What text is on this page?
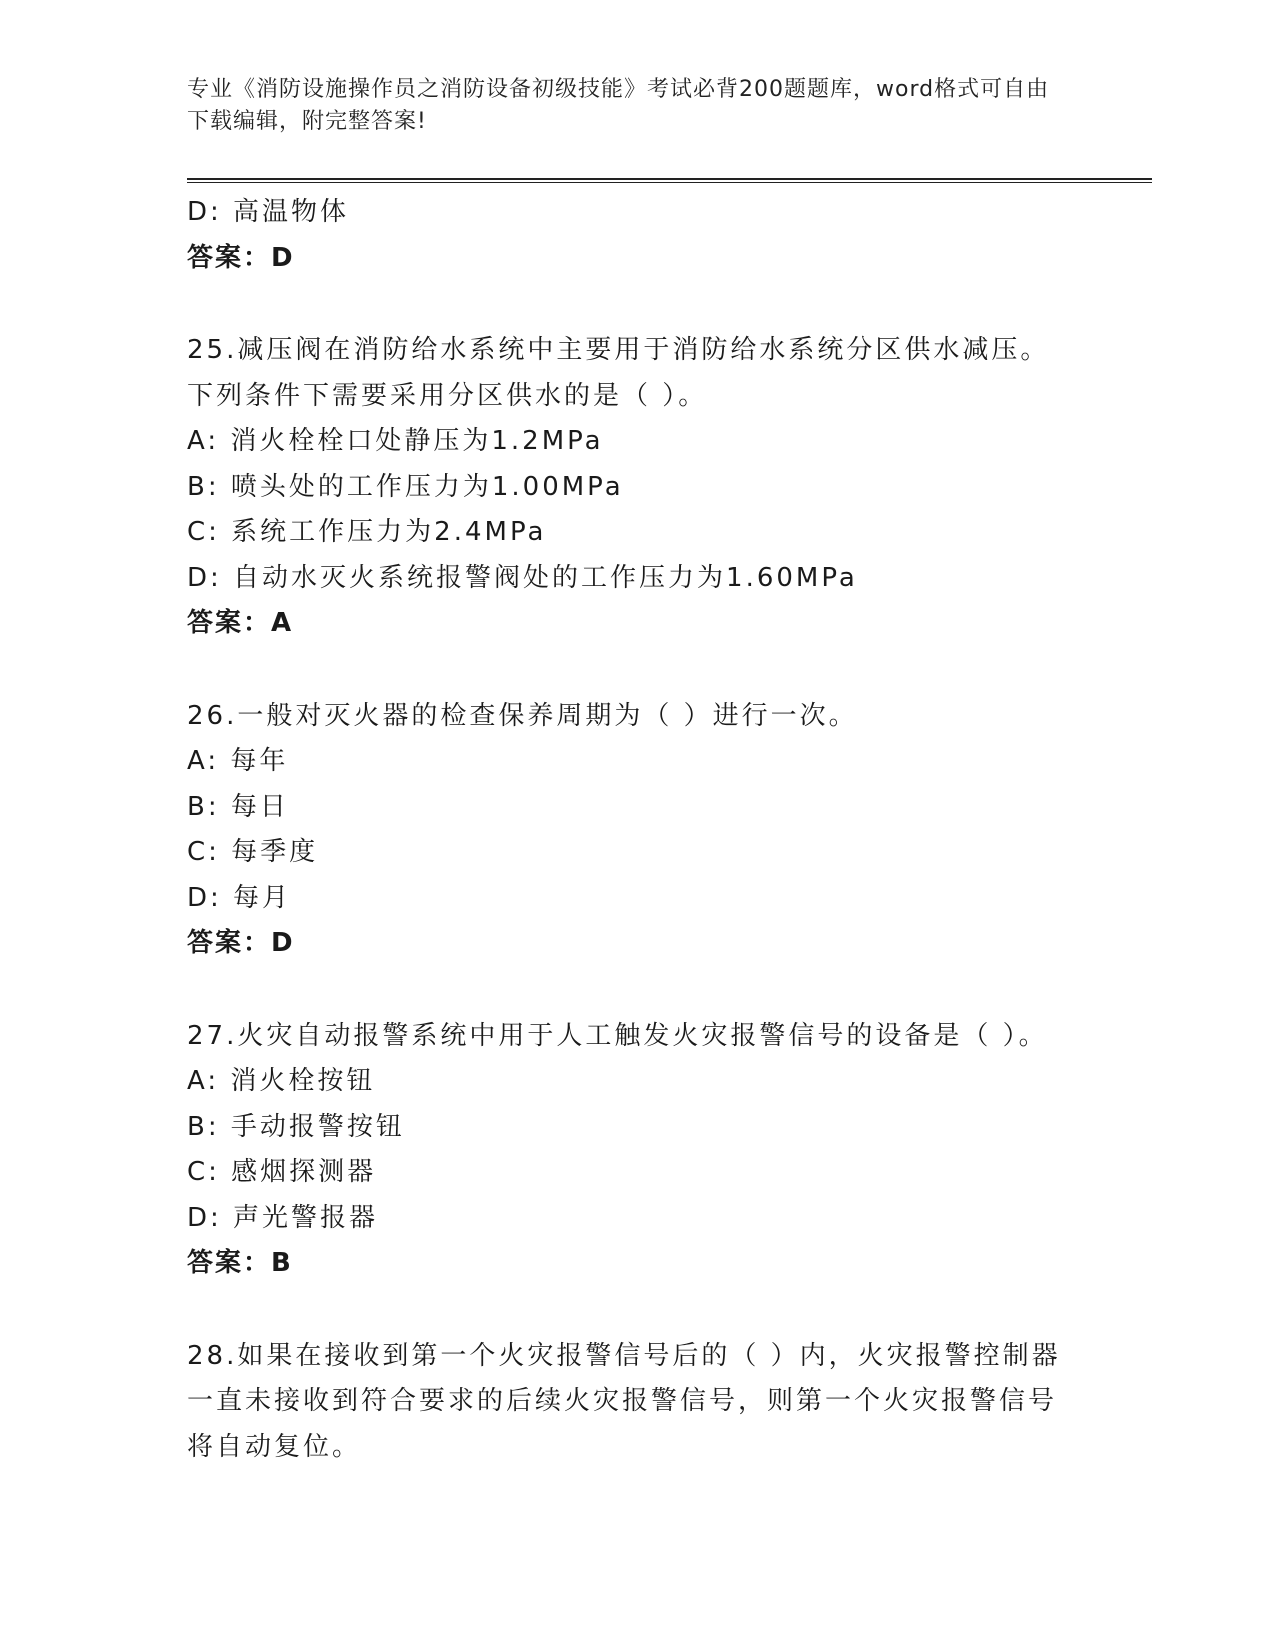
专业《消防设施操作员之消防设备初级技能》考试必背200题题库，word格式可自由下载编辑，附完整答案!
D: 高温物体
答案：D
25.减压阀在消防给水系统中主要用于消防给水系统分区供水减压。下列条件下需要采用分区供水的是（ ）。
A: 消火栓栓口处静压为1.2MPa
B: 喷头处的工作压力为1.00MPa
C: 系统工作压力为2.4MPa
D: 自动水灭火系统报警阀处的工作压力为1.60MPa
答案：A
26.一般对灭火器的检查保养周期为（ ）进行一次。
A: 每年
B: 每日
C: 每季度
D: 每月
答案：D
27.火灾自动报警系统中用于人工触发火灾报警信号的设备是（ ）。
A: 消火栓按钮
B: 手动报警按钮
C: 感烟探测器
D: 声光警报器
答案：B
28.如果在接收到第一个火灾报警信号后的（ ）内，火灾报警控制器一直未接收到符合要求的后续火灾报警信号，则第一个火灾报警信号将自动复位。
